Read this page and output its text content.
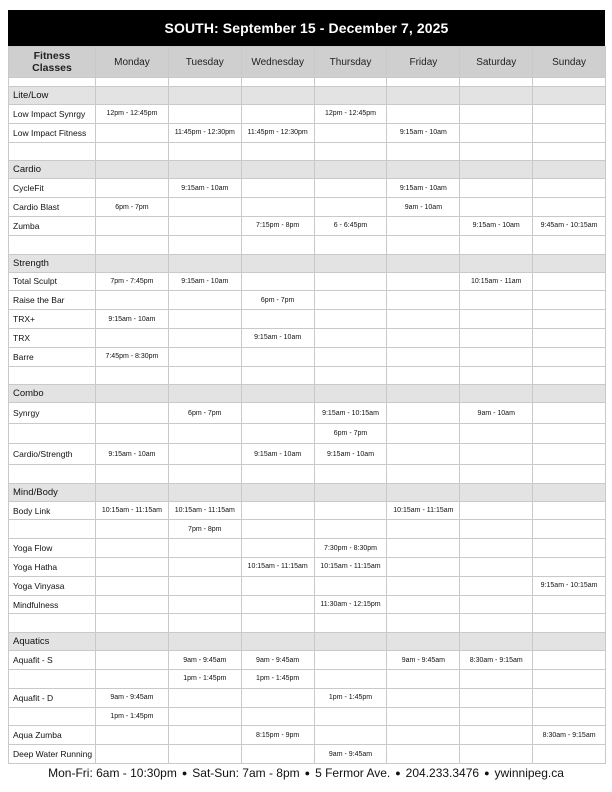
SOUTH: September 15 - December 7, 2025
Fitness
Classes	Monday	Tuesday	Wednesday	Thursday	Friday	Saturday	Sunday

Lite/Low							
Low Impact Synrgy	12pm - 12:45pm			12pm - 12:45pm			
Low Impact Fitness		11:45pm - 12:30pm	11:45pm - 12:30pm		9:15am - 10am		

Cardio							
CycleFit		9:15am - 10am			9:15am - 10am		
Cardio Blast	6pm - 7pm				9am - 10am		
Zumba			7:15pm - 8pm	6 - 6:45pm		9:15am - 10am	9:45am - 10:15am

Strength							
Total Sculpt	7pm - 7:45pm	9:15am - 10am				10:15am - 11am	
Raise the Bar			6pm - 7pm				
TRX+	9:15am - 10am						
TRX			9:15am - 10am				
Barre	7:45pm - 8:30pm						

Combo							
Synrgy		6pm - 7pm		9:15am - 10:15am		9am - 10am	
				6pm - 7pm			
Cardio/Strength	9:15am - 10am		9:15am - 10am	9:15am - 10am			

Mind/Body							
Body Link	10:15am - 11:15am	10:15am - 11:15am			10:15am - 11:15am		
		7pm - 8pm					
Yoga Flow				7:30pm - 8:30pm			
Yoga Hatha			10:15am - 11:15am	10:15am - 11:15am			
Yoga Vinyasa							9:15am - 10:15am
Mindfulness				11:30am - 12:15pm			

Aquatics							
Aquafit - S		9am - 9:45am	9am - 9:45am		9am - 9:45am	8:30am - 9:15am	
		1pm - 1:45pm	1pm - 1:45pm				
Aquafit - D	9am - 9:45am			1pm - 1:45pm			
	1pm - 1:45pm						
Aqua Zumba			8:15pm - 9pm				8:30am - 9:15am
Deep Water Running				9am - 9:45am			
Mon-Fri: 6am - 10:30pm ● Sat-Sun: 7am - 8pm ● 5 Fermor Ave. ● 204.233.3476 ● ywinnipeg.ca
